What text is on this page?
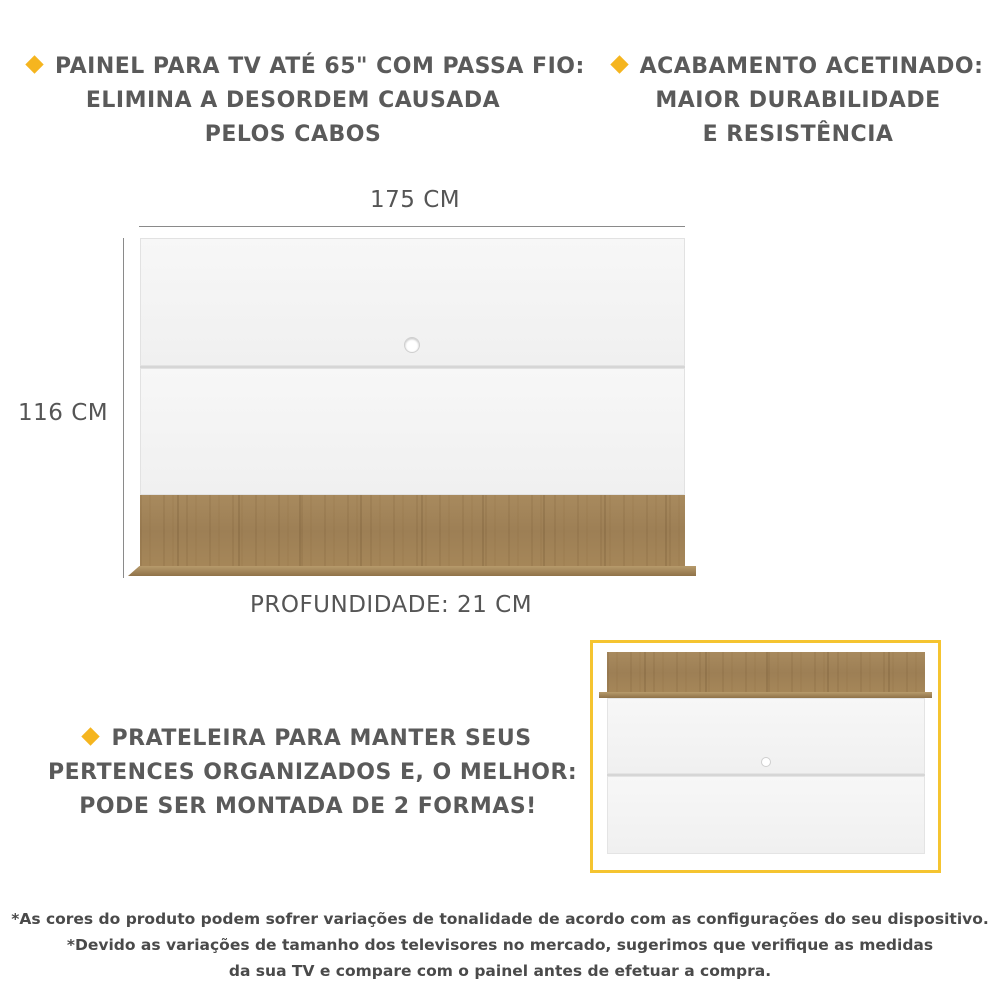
PAINEL PARA TV ATÉ 65" COM PASSA FIO:
ELIMINA A DESORDEM CAUSADA
PELOS CABOS
ACABAMENTO ACETINADO:
MAIOR DURABILIDADE
E RESISTÊNCIA
175 CM
116 CM
PROFUNDIDADE: 21 CM
PRATELEIRA PARA MANTER SEUS
PERTENCES ORGANIZADOS E, O MELHOR:
PODE SER MONTADA DE 2 FORMAS!
*As cores do produto podem sofrer variações de tonalidade de acordo com as configurações do seu dispositivo.
*Devido as variações de tamanho dos televisores no mercado, sugerimos que verifique as medidas
da sua TV e compare com o painel antes de efetuar a compra.
